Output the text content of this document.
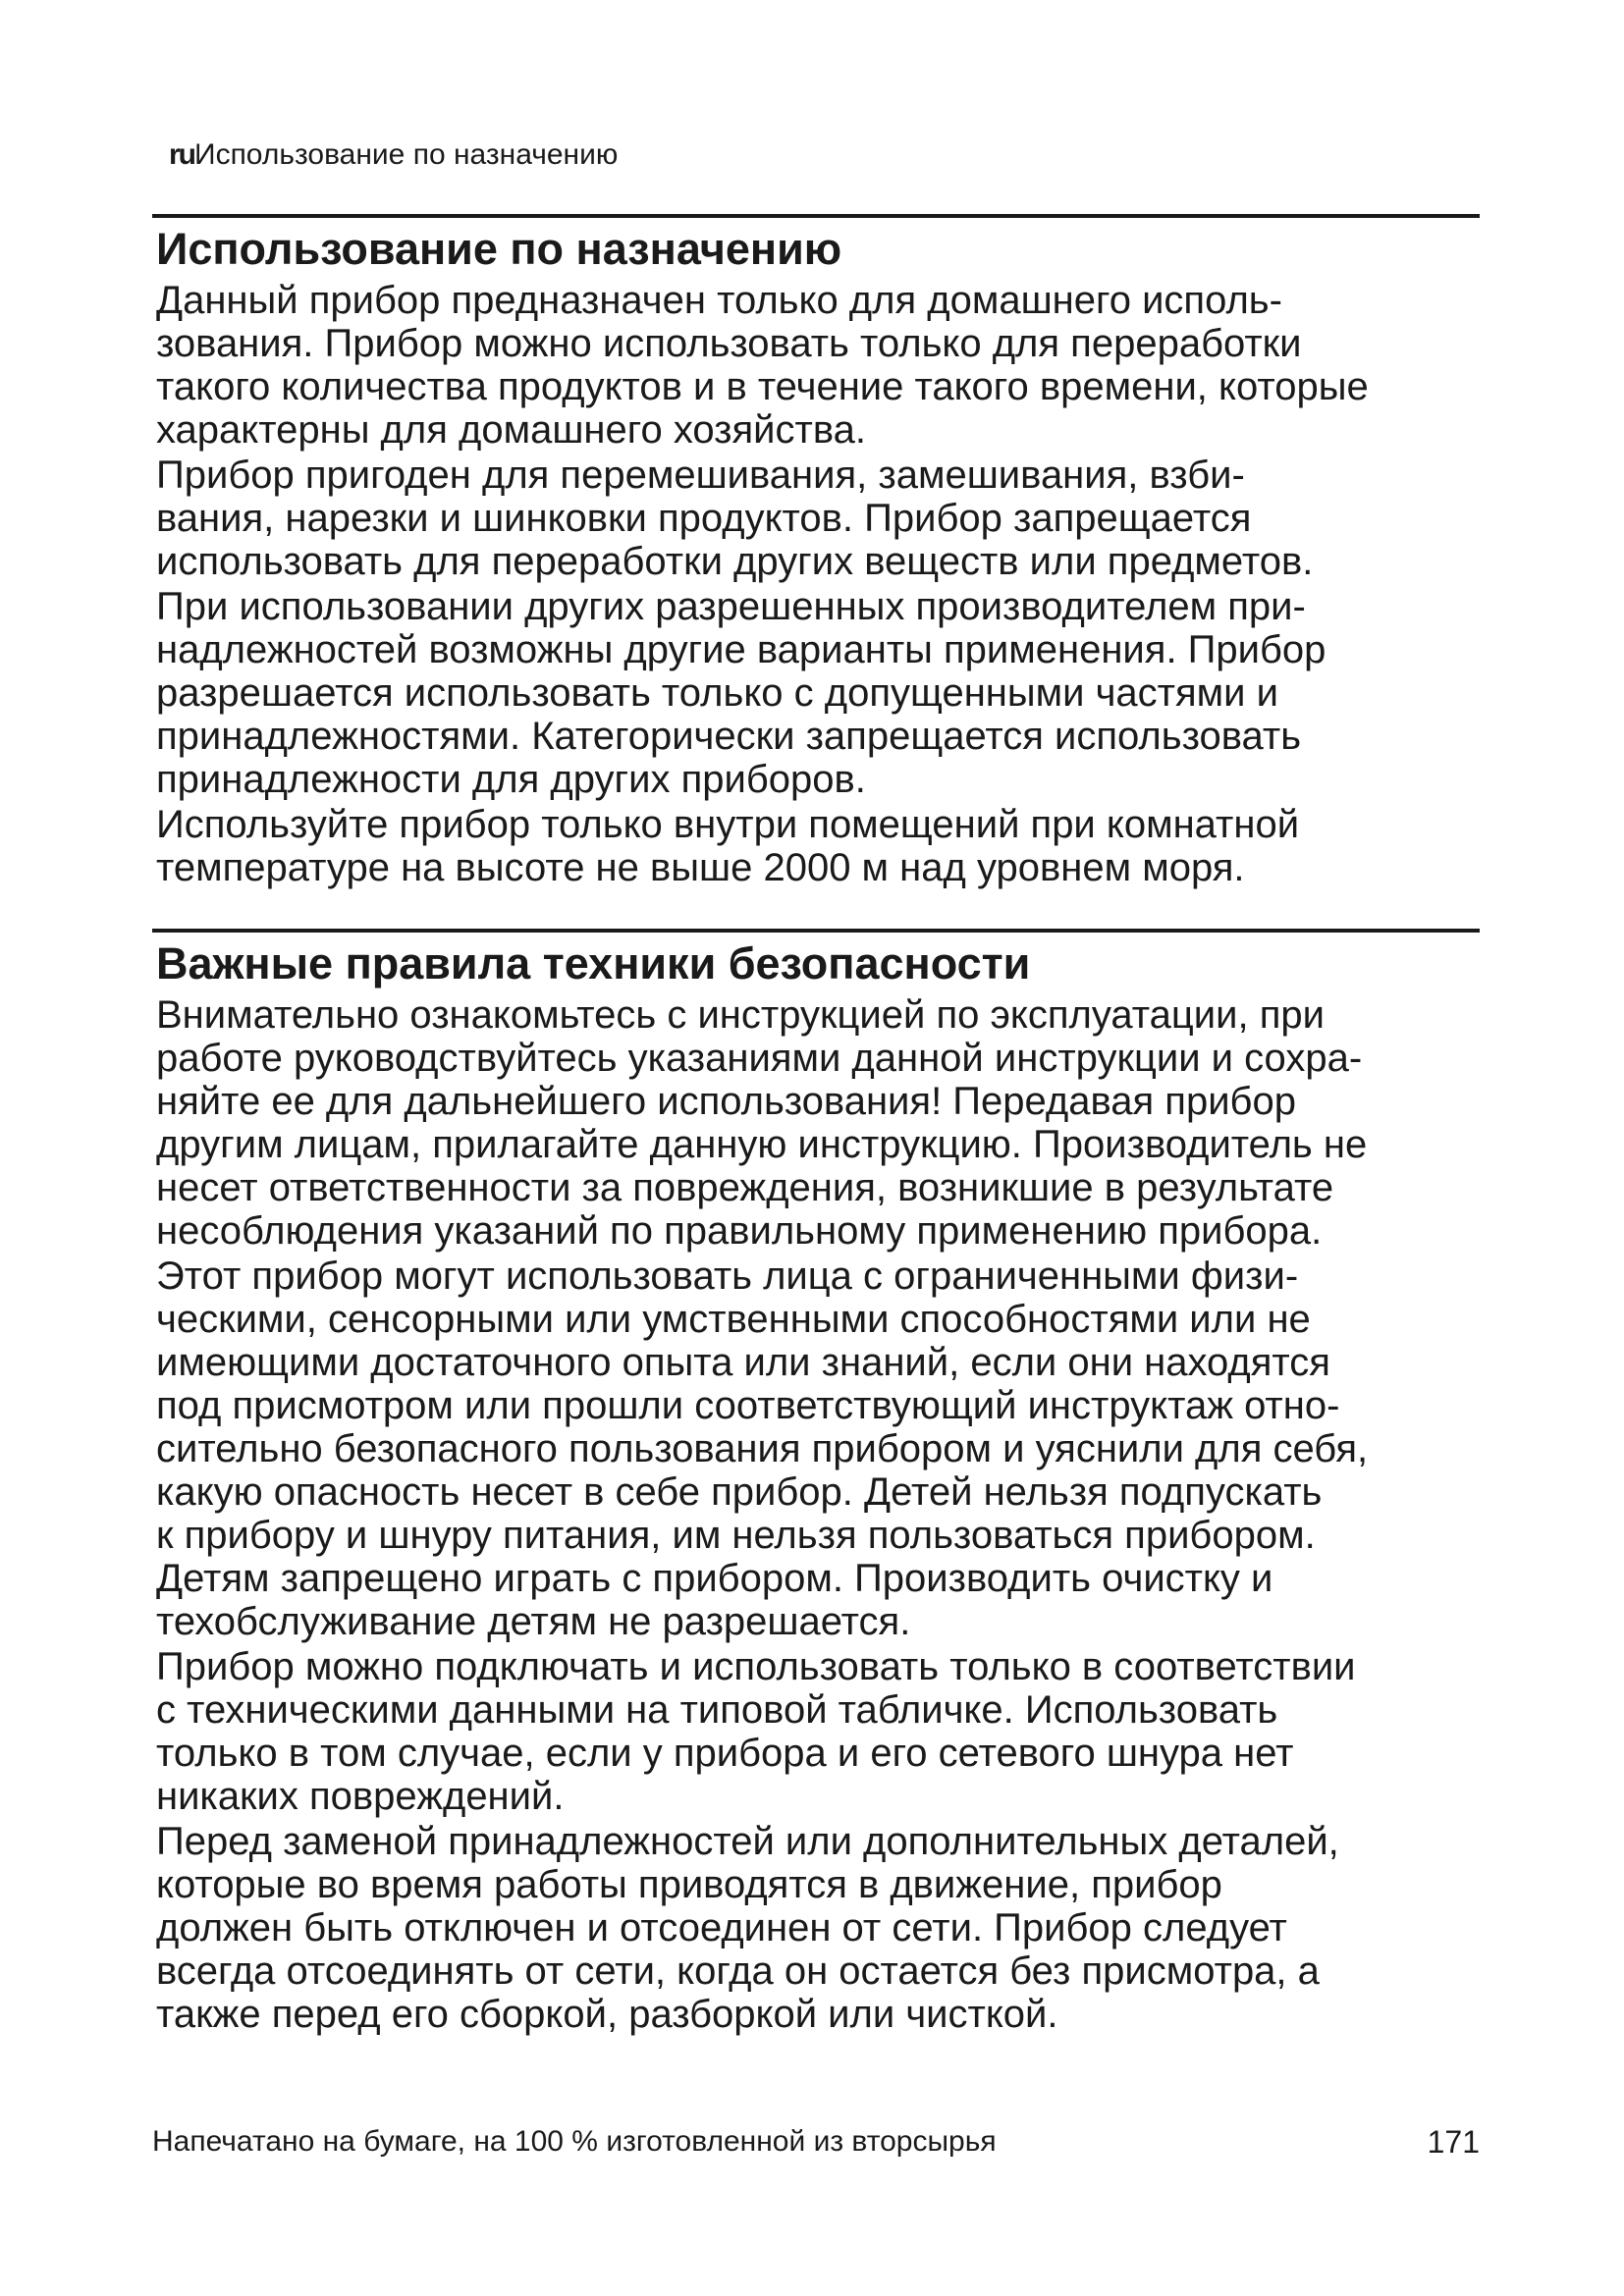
ruИспользование по назначению
Использование по назначению
Данный прибор предназначен только для домашнего исполь-
зования. Прибор можно использовать только для переработки
такого количества продуктов и в течение такого времени, которые
характерны для домашнего хозяйства.
Прибор пригоден для перемешивания, замешивания, взби-
вания, нарезки и шинковки продуктов. Прибор запрещается
использовать для переработки других веществ или предметов.
При использовании других разрешенных производителем при-
надлежностей возможны другие варианты применения. Прибор
разрешается использовать только с допущенными частями и
принадлежностями. Категорически запрещается использовать
принадлежности для других приборов.
Используйте прибор только внутри помещений при комнатной
температуре на высоте не выше 2000 м над уровнем моря.
Важные правила техники безопасности
Внимательно ознакомьтесь с инструкцией по эксплуатации, при
работе руководствуйтесь указаниями данной инструкции и сохра-
няйте ее для дальнейшего использования! Передавая прибор
другим лицам, прилагайте данную инструкцию. Производитель не
несет ответственности за повреждения, возникшие в результате
несоблюдения указаний по правильному применению прибора.
Этот прибор могут использовать лица с ограниченными физи-
ческими, сенсорными или умственными способностями или не
имеющими достаточного опыта или знаний, если они находятся
под присмотром или прошли соответствующий инструктаж отно-
сительно безопасного пользования прибором и уяснили для себя,
какую опасность несет в себе прибор. Детей нельзя подпускать
к прибору и шнуру питания, им нельзя пользоваться прибором.
Детям запрещено играть с прибором. Производить очистку и
техобслуживание детям не разрешается.
Прибор можно подключать и использовать только в соответствии
с техническими данными на типовой табличке. Использовать
только в том случае, если у прибора и его сетевого шнура нет
никаких повреждений.
Перед заменой принадлежностей или дополнительных деталей,
которые во время работы приводятся в движение, прибор
должен быть отключен и отсоединен от сети. Прибор следует
всегда отсоединять от сети, когда он остается без присмотра, а
также перед его сборкой, разборкой или чисткой.
Напечатано на бумаге, на 100 % изготовленной из вторсырья	171
